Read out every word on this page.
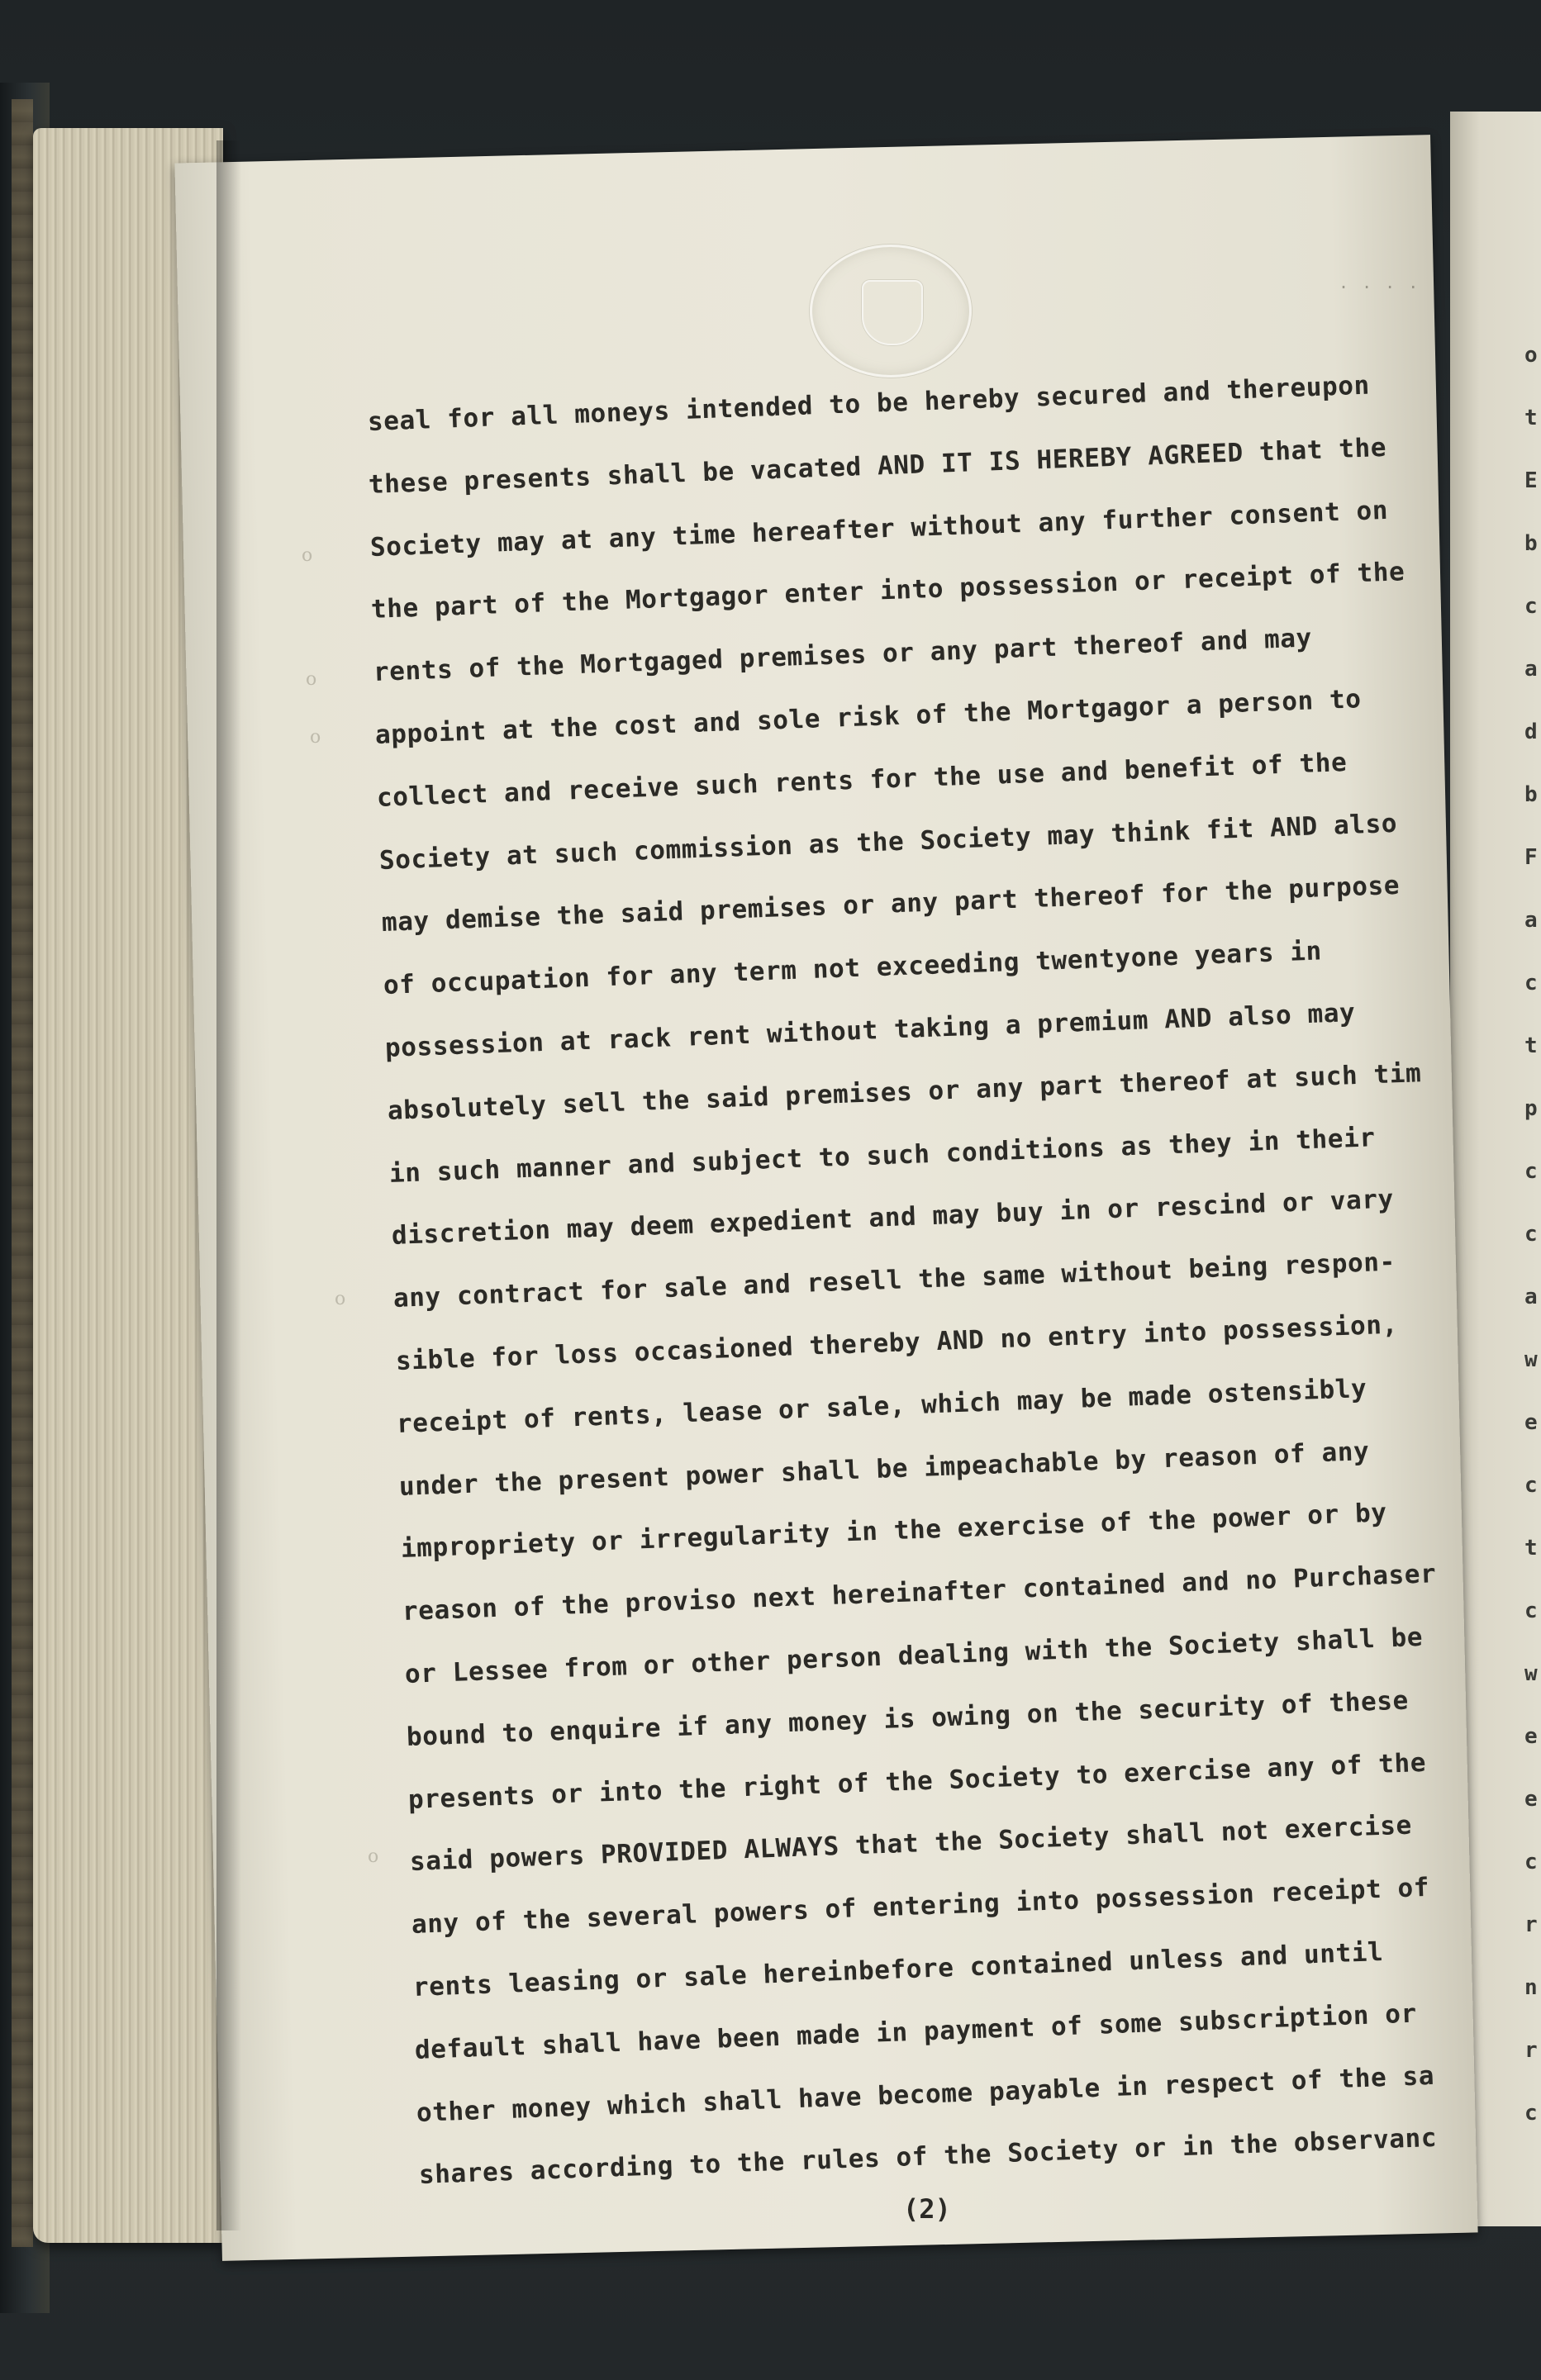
o
t
E
b
c
a
d
b
F
a
c
t
p
c
c
a
w
e
c
t
c
w
e
e
c
r
n
r
c
. . . .
o
o
o
o
o
seal for all moneys intended to be hereby secured and thereupon
these presents shall be vacated AND IT IS HEREBY AGREED that the
Society may at any time hereafter without any further consent on
the part of the Mortgagor enter into possession or receipt of the
rents of the Mortgaged premises or any part thereof and may
appoint at the cost and sole risk of the Mortgagor a person to
collect and receive such rents for the use and benefit of the
Society at such commission as the Society may think fit AND also
may demise the said premises or any part thereof for the purpose
of occupation for any term not exceeding twentyone years in
possession at rack rent without taking a premium AND also may
absolutely sell the said premises or any part thereof at such tim
in such manner and subject to such conditions as they in their
discretion may deem expedient and may buy in or rescind or vary
any contract for sale and resell the same without being respon-
sible for loss occasioned thereby AND no entry into possession,
receipt of rents, lease or sale, which may be made ostensibly
under the present power shall be impeachable by reason of any
impropriety or irregularity in the exercise of the power or by
reason of the proviso next hereinafter contained and no Purchaser
or Lessee from or other person dealing with the Society shall be
bound to enquire if any money is owing on the security of these
presents or into the right of the Society to exercise any of the
said powers PROVIDED ALWAYS that the Society shall not exercise
any of the several powers of entering into possession receipt of
rents leasing or sale hereinbefore contained unless and until
default shall have been made in payment of some subscription or
other money which shall have become payable in respect of the sa
shares according to the rules of the Society or in the observanc
(2)
